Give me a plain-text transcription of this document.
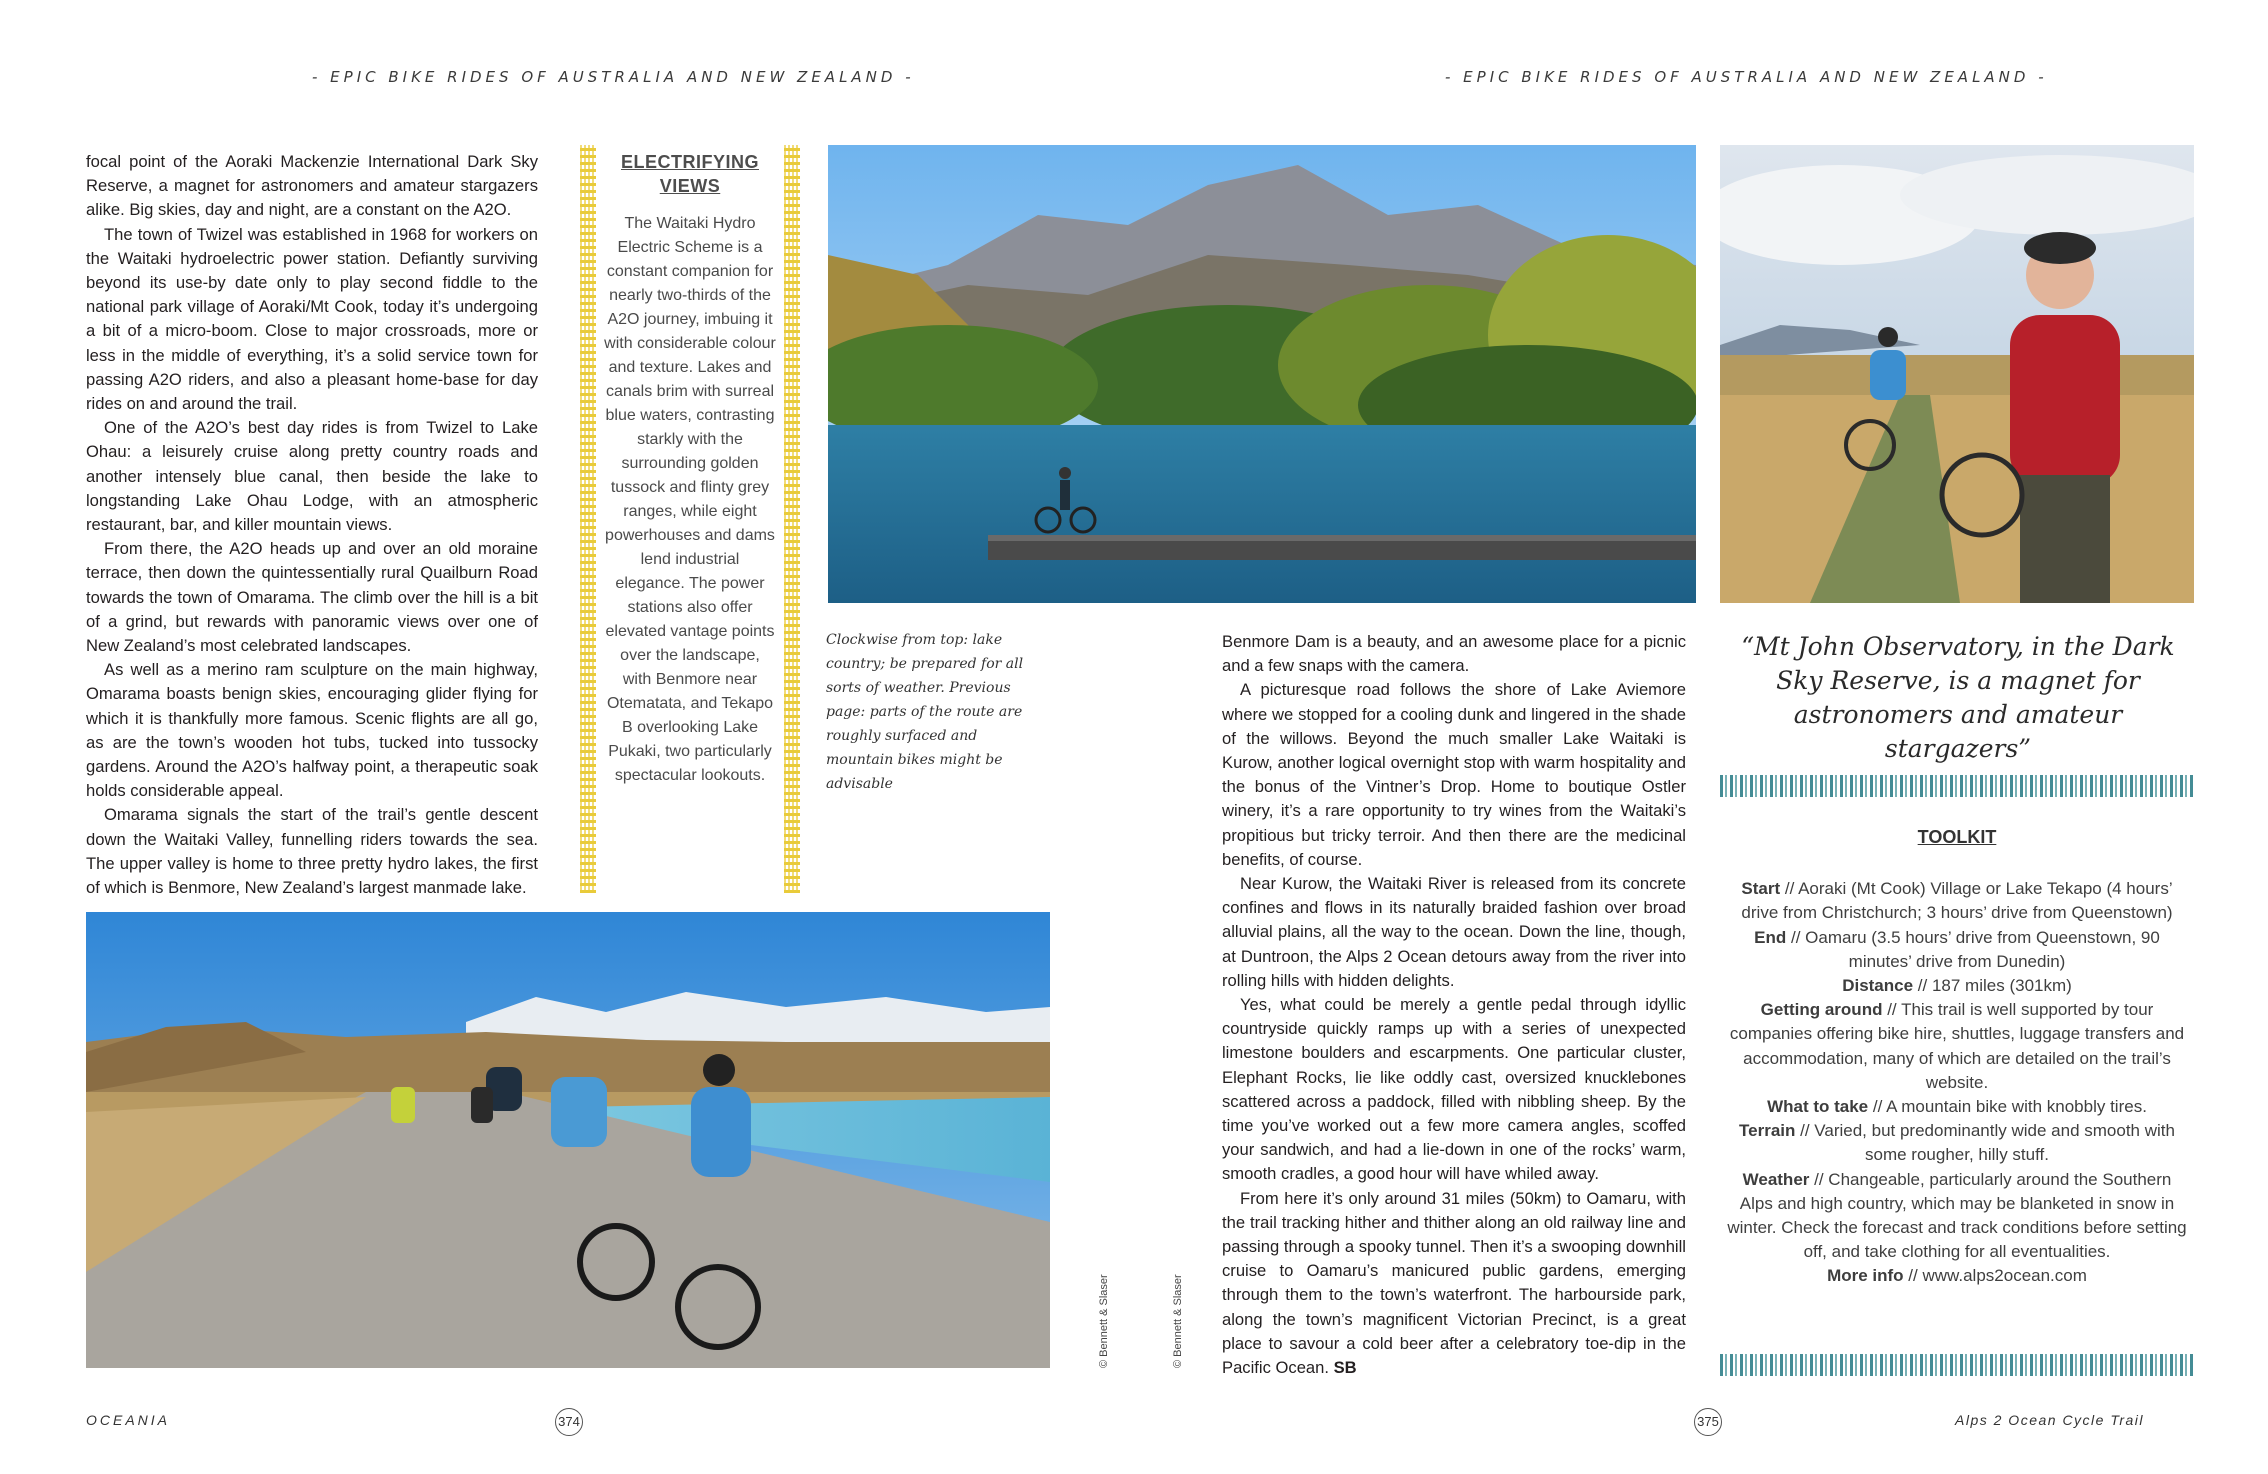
- EPIC BIKE RIDES OF AUSTRALIA AND NEW ZEALAND -	- EPIC BIKE RIDES OF AUSTRALIA AND NEW ZEALAND -

focal point of the Aoraki Mackenzie International Dark Sky Reserve, a magnet for astronomers and amateur stargazers alike. Big skies, day and night, are a constant on the A2O.

The town of Twizel was established in 1968 for workers on the Waitaki hydroelectric power station. Defiantly surviving beyond its use-by date only to play second fiddle to the national park village of Aoraki/Mt Cook, today it’s undergoing a bit of a micro-boom. Close to major crossroads, more or less in the middle of everything, it’s a solid service town for passing A2O riders, and also a pleasant home-base for day rides on and around the trail.

One of the A2O’s best day rides is from Twizel to Lake Ohau: a leisurely cruise along pretty country roads and another intensely blue canal, then beside the lake to longstanding Lake Ohau Lodge, with an atmospheric restaurant, bar, and killer mountain views.

From there, the A2O heads up and over an old moraine terrace, then down the quintessentially rural Quailburn Road towards the town of Omarama. The climb over the hill is a bit of a grind, but rewards with panoramic views over one of New Zealand’s most celebrated landscapes.

As well as a merino ram sculpture on the main highway, Omarama boasts benign skies, encouraging glider flying for which it is thankfully more famous. Scenic flights are all go, as are the town’s wooden hot tubs, tucked into tussocky gardens. Around the A2O’s halfway point, a therapeutic soak holds considerable appeal.

Omarama signals the start of the trail’s gentle descent down the Waitaki Valley, funnelling riders towards the sea. The upper valley is home to three pretty hydro lakes, the first of which is Benmore, New Zealand’s largest manmade lake.

ELECTRIFYING
VIEWS
The Waitaki Hydro Electric Scheme is a constant companion for nearly two-thirds of the A2O journey, imbuing it with considerable colour and texture. Lakes and canals brim with surreal blue waters, contrasting starkly with the surrounding golden tussock and flinty grey ranges, while eight powerhouses and dams lend industrial elegance. The power stations also offer elevated vantage points over the landscape, with Benmore near Otematata, and Tekapo B overlooking Lake Pukaki, two particularly spectacular lookouts.
Clockwise from top: lake country; be prepared for all sorts of weather. Previous page: parts of the route are roughly surfaced and mountain bikes might be advisable
© Bennett & Slaser	© Bennett & Slaser

Benmore Dam is a beauty, and an awesome place for a picnic and a few snaps with the camera.

A picturesque road follows the shore of Lake Aviemore where we stopped for a cooling dunk and lingered in the shade of the willows. Beyond the much smaller Lake Waitaki is Kurow, another logical overnight stop with warm hospitality and the bonus of the Vintner’s Drop. Home to boutique Ostler winery, it’s a rare opportunity to try wines from the Waitaki’s propitious but tricky terroir. And then there are the medicinal benefits, of course.

Near Kurow, the Waitaki River is released from its concrete confines and flows in its naturally braided fashion over broad alluvial plains, all the way to the ocean. Down the line, though, at Duntroon, the Alps 2 Ocean detours away from the river into rolling hills with hidden delights.

Yes, what could be merely a gentle pedal through idyllic countryside quickly ramps up with a series of unexpected limestone boulders and escarpments. One particular cluster, Elephant Rocks, lie like oddly cast, oversized knucklebones scattered across a paddock, filled with nibbling sheep. By the time you’ve worked out a few more camera angles, scoffed your sandwich, and had a lie-down in one of the rocks’ warm, smooth cradles, a good hour will have whiled away.

From here it’s only around 31 miles (50km) to Oamaru, with the trail tracking hither and thither along an old railway line and passing through a spooky tunnel. Then it’s a swooping downhill cruise to Oamaru’s manicured public gardens, emerging through them to the town’s waterfront. The harbourside park, along the town’s magnificent Victorian Precinct, is a great place to savour a cold beer after a celebratory toe-dip in the Pacific Ocean. SB

“Mt John Observatory, in the Dark Sky Reserve, is a magnet for astronomers and amateur stargazers”
TOOLKIT

Start // Aoraki (Mt Cook) Village or Lake Tekapo (4 hours’ drive from Christchurch; 3 hours’ drive from Queenstown)

End // Oamaru (3.5 hours’ drive from Queenstown, 90 minutes’ drive from Dunedin)

Distance // 187 miles (301km)

Getting around // This trail is well supported by tour companies offering bike hire, shuttles, luggage transfers and accommodation, many of which are detailed on the trail’s website.

What to take // A mountain bike with knobbly tires.

Terrain // Varied, but predominantly wide and smooth with some rougher, hilly stuff.

Weather // Changeable, particularly around the Southern Alps and high country, which may be blanketed in snow in winter. Check the forecast and track conditions before setting off, and take clothing for all eventualities.

More info // www.alps2ocean.com

OCEANIA	374	375	Alps 2 Ocean Cycle Trail
